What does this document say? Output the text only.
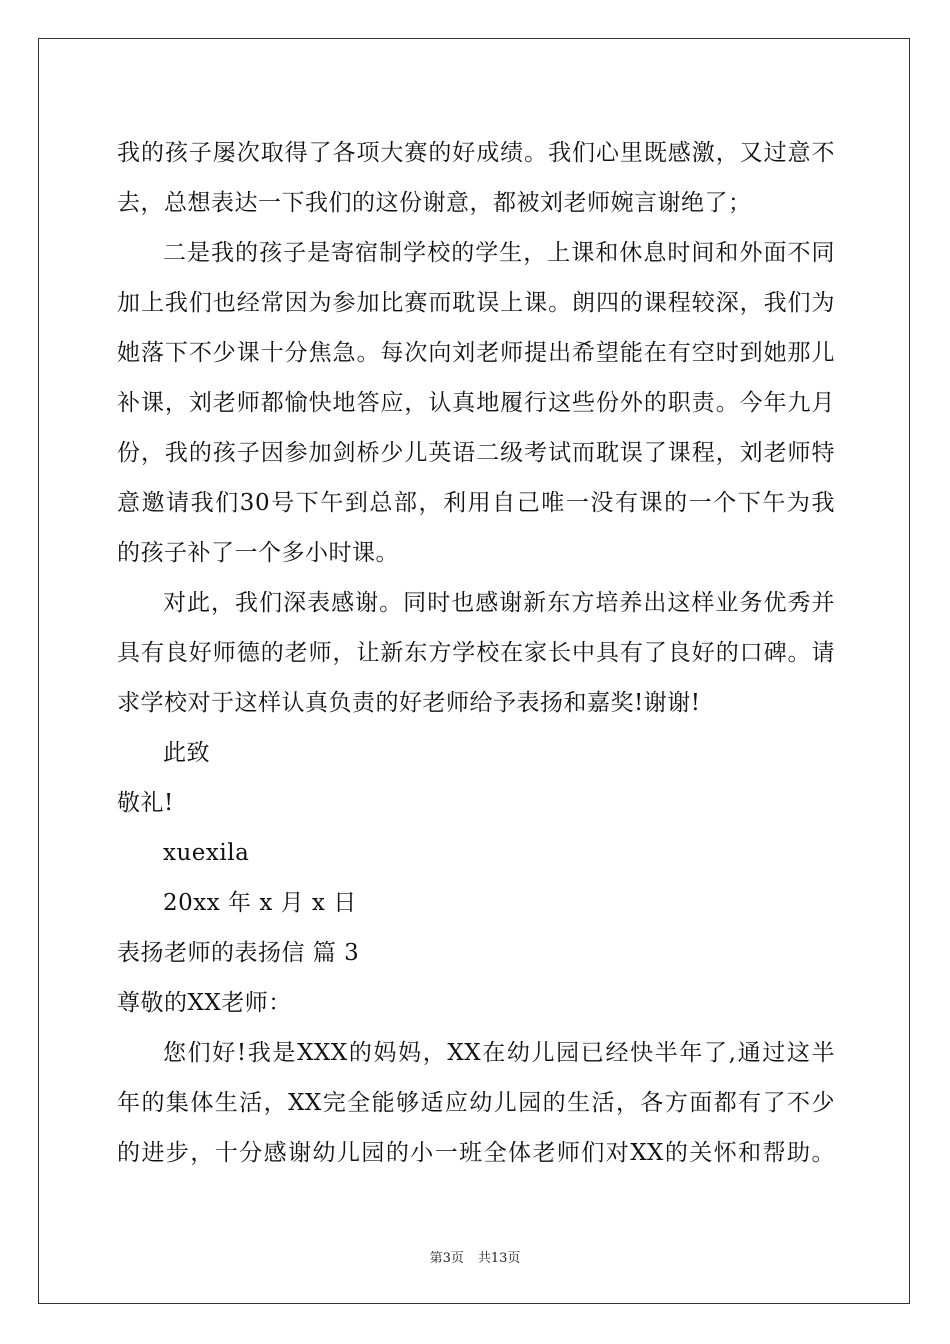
我的孩子屡次取得了各项大赛的好成绩。我们心里既感激，又过意不
去，总想表达一下我们的这份谢意，都被刘老师婉言谢绝了；
二是我的孩子是寄宿制学校的学生，上课和休息时间和外面不同
加上我们也经常因为参加比赛而耽误上课。朗四的课程较深，我们为
她落下不少课十分焦急。每次向刘老师提出希望能在有空时到她那儿
补课，刘老师都愉快地答应，认真地履行这些份外的职责。今年九月
份，我的孩子因参加剑桥少儿英语二级考试而耽误了课程，刘老师特
意邀请我们30号下午到总部，利用自己唯一没有课的一个下午为我
的孩子补了一个多小时课。
对此，我们深表感谢。同时也感谢新东方培养出这样业务优秀并
具有良好师德的老师，让新东方学校在家长中具有了良好的口碑。请
求学校对于这样认真负责的好老师给予表扬和嘉奖!谢谢!
此致
敬礼!
xuexila
20xx 年 x 月 x 日
表扬老师的表扬信 篇 3
尊敬的XX老师：
您们好!我是XXX的妈妈，XX在幼儿园已经快半年了,通过这半
年的集体生活，XX完全能够适应幼儿园的生活，各方面都有了不少
的进步，十分感谢幼儿园的小一班全体老师们对XX的关怀和帮助。
第3页 共13页
